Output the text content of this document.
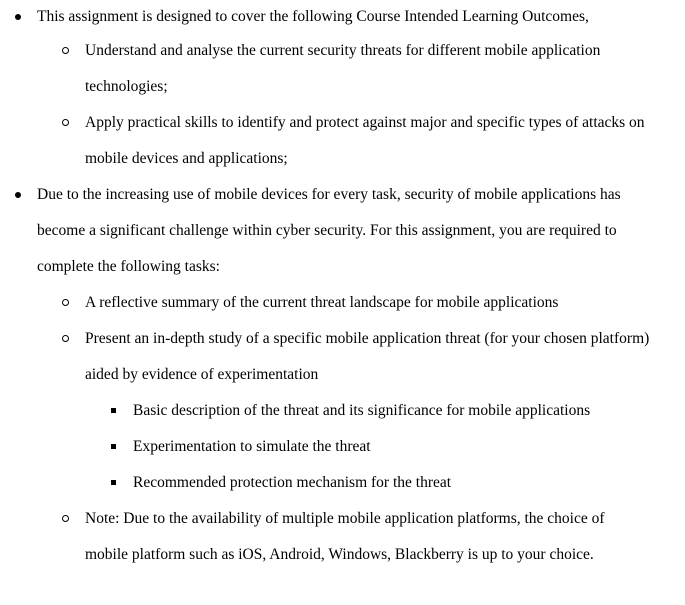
This assignment is designed to cover the following Course Intended Learning Outcomes,
Understand and analyse the current security threats for different mobile application
technologies;
Apply practical skills to identify and protect against major and specific types of attacks on
mobile devices and applications;
Due to the increasing use of mobile devices for every task, security of mobile applications has
become a significant challenge within cyber security. For this assignment, you are required to
complete the following tasks:
A reflective summary of the current threat landscape for mobile applications
Present an in-depth study of a specific mobile application threat (for your chosen platform)
aided by evidence of experimentation
Basic description of the threat and its significance for mobile applications
Experimentation to simulate the threat
Recommended protection mechanism for the threat
Note: Due to the availability of multiple mobile application platforms, the choice of
mobile platform such as iOS, Android, Windows, Blackberry is up to your choice.
